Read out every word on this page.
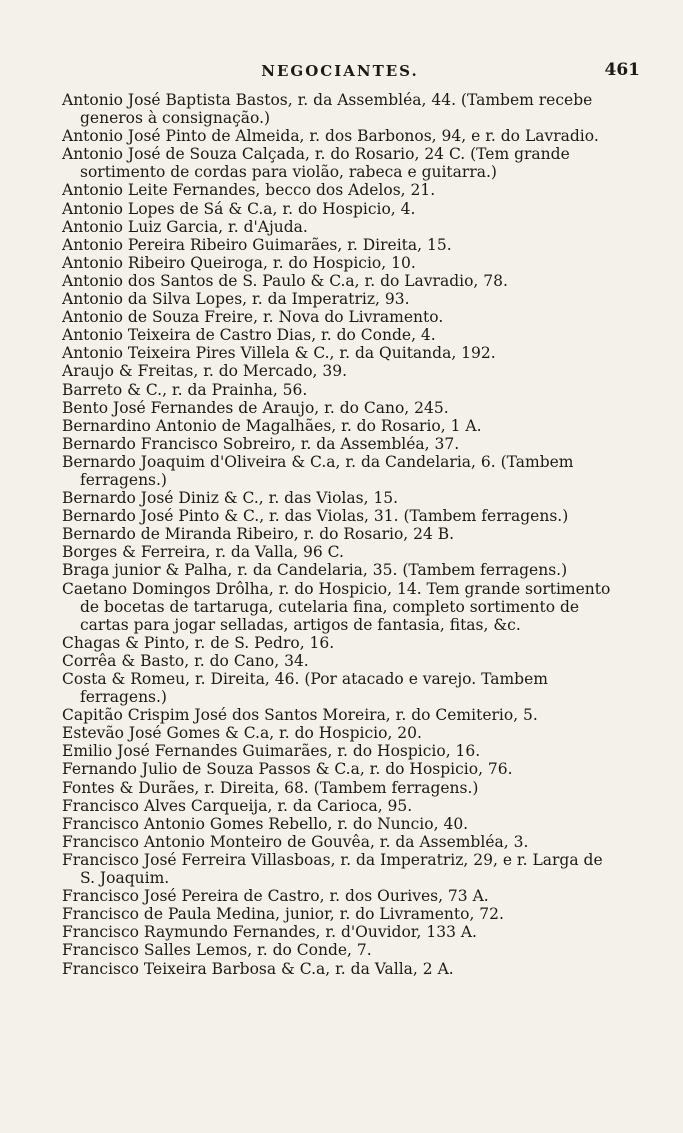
NEGOCIANTES.	461
Antonio José Baptista Bastos, r. da Assembléa, 44. (Tambem recebe generos à consignação.)
Antonio José Pinto de Almeida, r. dos Barbonos, 94, e r. do Lavradio.
Antonio José de Souza Calçada, r. do Rosario, 24 C. (Tem grande sortimento de cordas para violão, rabeca e guitarra.)
Antonio Leite Fernandes, becco dos Adelos, 21.
Antonio Lopes de Sá & C.a, r. do Hospicio, 4.
Antonio Luiz Garcia, r. d'Ajuda.
Antonio Pereira Ribeiro Guimarães, r. Direita, 15.
Antonio Ribeiro Queiroga, r. do Hospicio, 10.
Antonio dos Santos de S. Paulo & C.a, r. do Lavradio, 78.
Antonio da Silva Lopes, r. da Imperatriz, 93.
Antonio de Souza Freire, r. Nova do Livramento.
Antonio Teixeira de Castro Dias, r. do Conde, 4.
Antonio Teixeira Pires Villela & C., r. da Quitanda, 192.
Araujo & Freitas, r. do Mercado, 39.
Barreto & C., r. da Prainha, 56.
Bento José Fernandes de Araujo, r. do Cano, 245.
Bernardino Antonio de Magalhães, r. do Rosario, 1 A.
Bernardo Francisco Sobreiro, r. da Assembléa, 37.
Bernardo Joaquim d'Oliveira & C.a, r. da Candelaria, 6. (Tambem ferragens.)
Bernardo José Diniz & C., r. das Violas, 15.
Bernardo José Pinto & C., r. das Violas, 31. (Tambem ferragens.)
Bernardo de Miranda Ribeiro, r. do Rosario, 24 B.
Borges & Ferreira, r. da Valla, 96 C.
Braga junior & Palha, r. da Candelaria, 35. (Tambem ferragens.)
Caetano Domingos Drôlha, r. do Hospicio, 14. Tem grande sortimento de bocetas de tartaruga, cutelaria fina, completo sortimento de cartas para jogar selladas, artigos de fantasia, fitas, &c.
Chagas & Pinto, r. de S. Pedro, 16.
Corrêa & Basto, r. do Cano, 34.
Costa & Romeu, r. Direita, 46. (Por atacado e varejo. Tambem ferragens.)
Capitão Crispim José dos Santos Moreira, r. do Cemiterio, 5.
Estevão José Gomes & C.a, r. do Hospicio, 20.
Emilio José Fernandes Guimarães, r. do Hospicio, 16.
Fernando Julio de Souza Passos & C.a, r. do Hospicio, 76.
Fontes & Durães, r. Direita, 68. (Tambem ferragens.)
Francisco Alves Carqueija, r. da Carioca, 95.
Francisco Antonio Gomes Rebello, r. do Nuncio, 40.
Francisco Antonio Monteiro de Gouvêa, r. da Assembléa, 3.
Francisco José Ferreira Villasboas, r. da Imperatriz, 29, e r. Larga de S. Joaquim.
Francisco José Pereira de Castro, r. dos Ourives, 73 A.
Francisco de Paula Medina, junior, r. do Livramento, 72.
Francisco Raymundo Fernandes, r. d'Ouvidor, 133 A.
Francisco Salles Lemos, r. do Conde, 7.
Francisco Teixeira Barbosa & C.a, r. da Valla, 2 A.
